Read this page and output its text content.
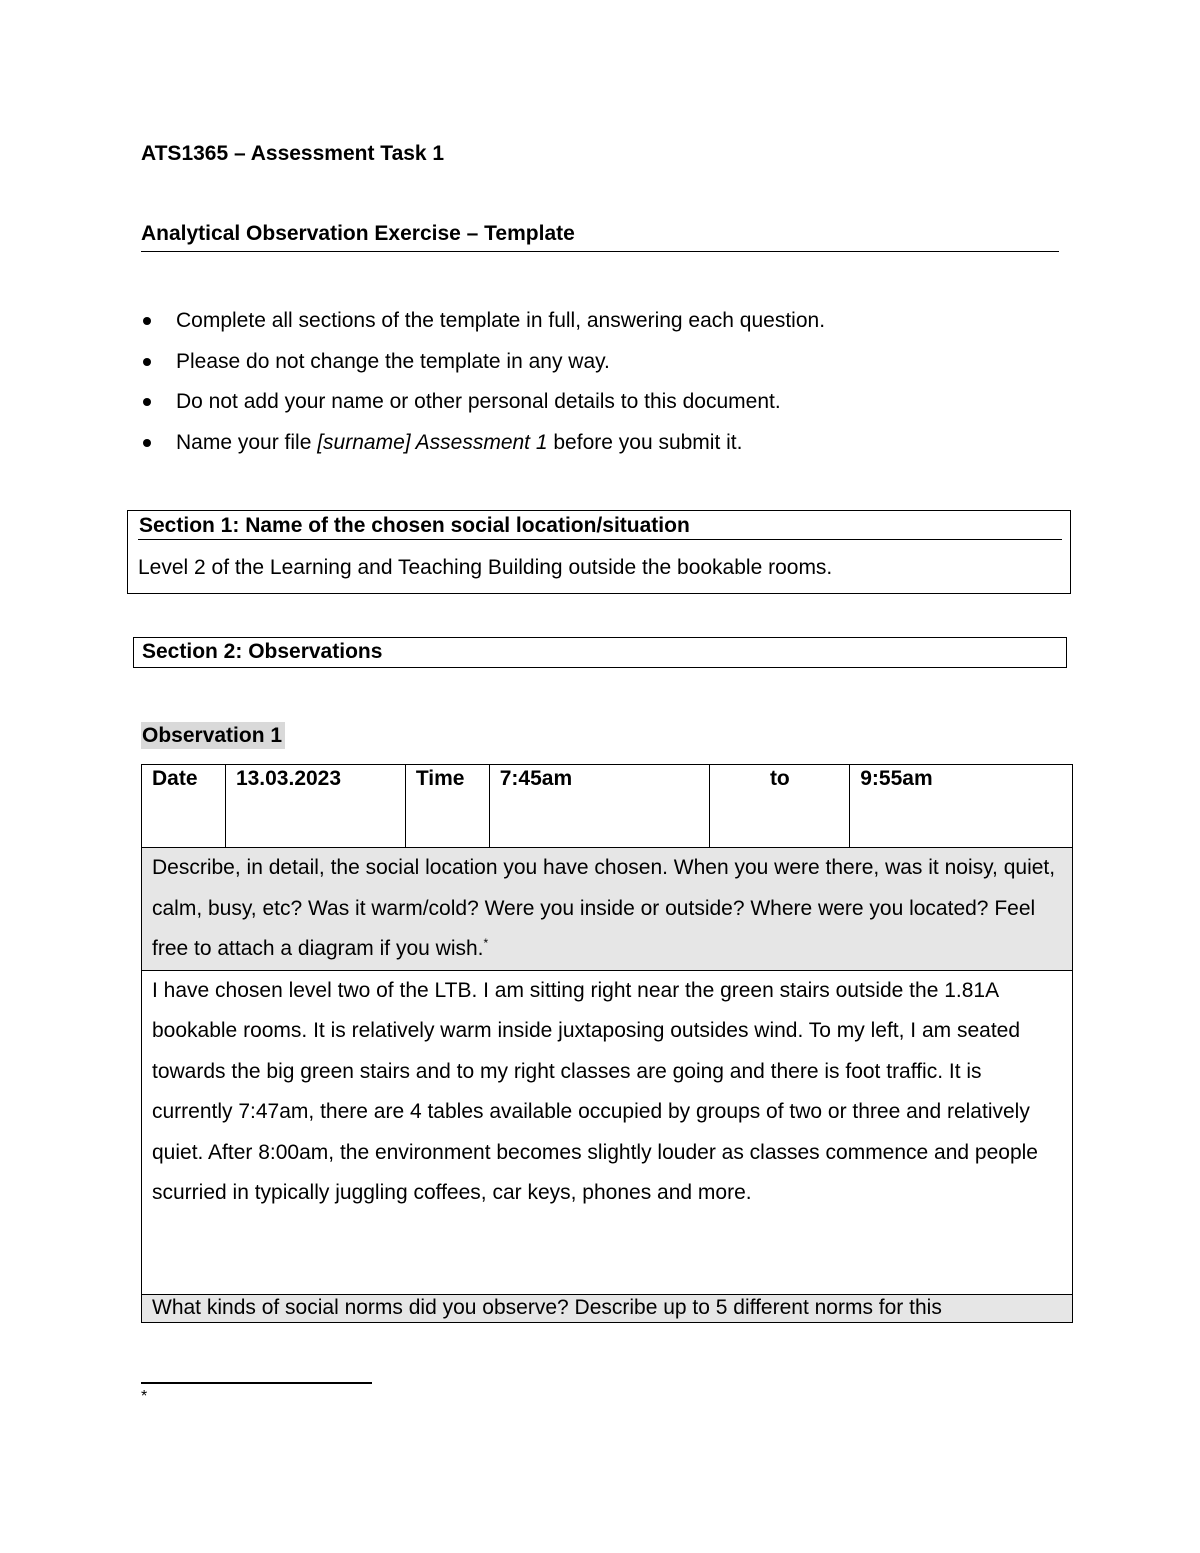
ATS1365 – Assessment Task 1
Analytical Observation Exercise – Template
Complete all sections of the template in full, answering each question.
Please do not change the template in any way.
Do not add your name or other personal details to this document.
Name your file [surname] Assessment 1 before you submit it.
Section 1: Name of the chosen social location/situation
Level 2 of the Learning and Teaching Building outside the bookable rooms.
Section 2: Observations
Observation 1
Date	13.03.2023	Time	7:45am	to	9:55am

Describe, in detail, the social location you have chosen. When you were there, was it noisy, quiet, calm, busy, etc? Was it warm/cold? Were you inside or outside? Where were you located? Feel free to attach a diagram if you wish.*

I have chosen level two of the LTB. I am sitting right near the green stairs outside the 1.81A bookable rooms. It is relatively warm inside juxtaposing outsides wind. To my left, I am seated towards the big green stairs and to my right classes are going and there is foot traffic. It is currently 7:47am, there are 4 tables available occupied by groups of two or three and relatively quiet. After 8:00am, the environment becomes slightly louder as classes commence and people scurried in typically juggling coffees, car keys, phones and more.

What kinds of social norms did you observe? Describe up to 5 different norms for this
*
